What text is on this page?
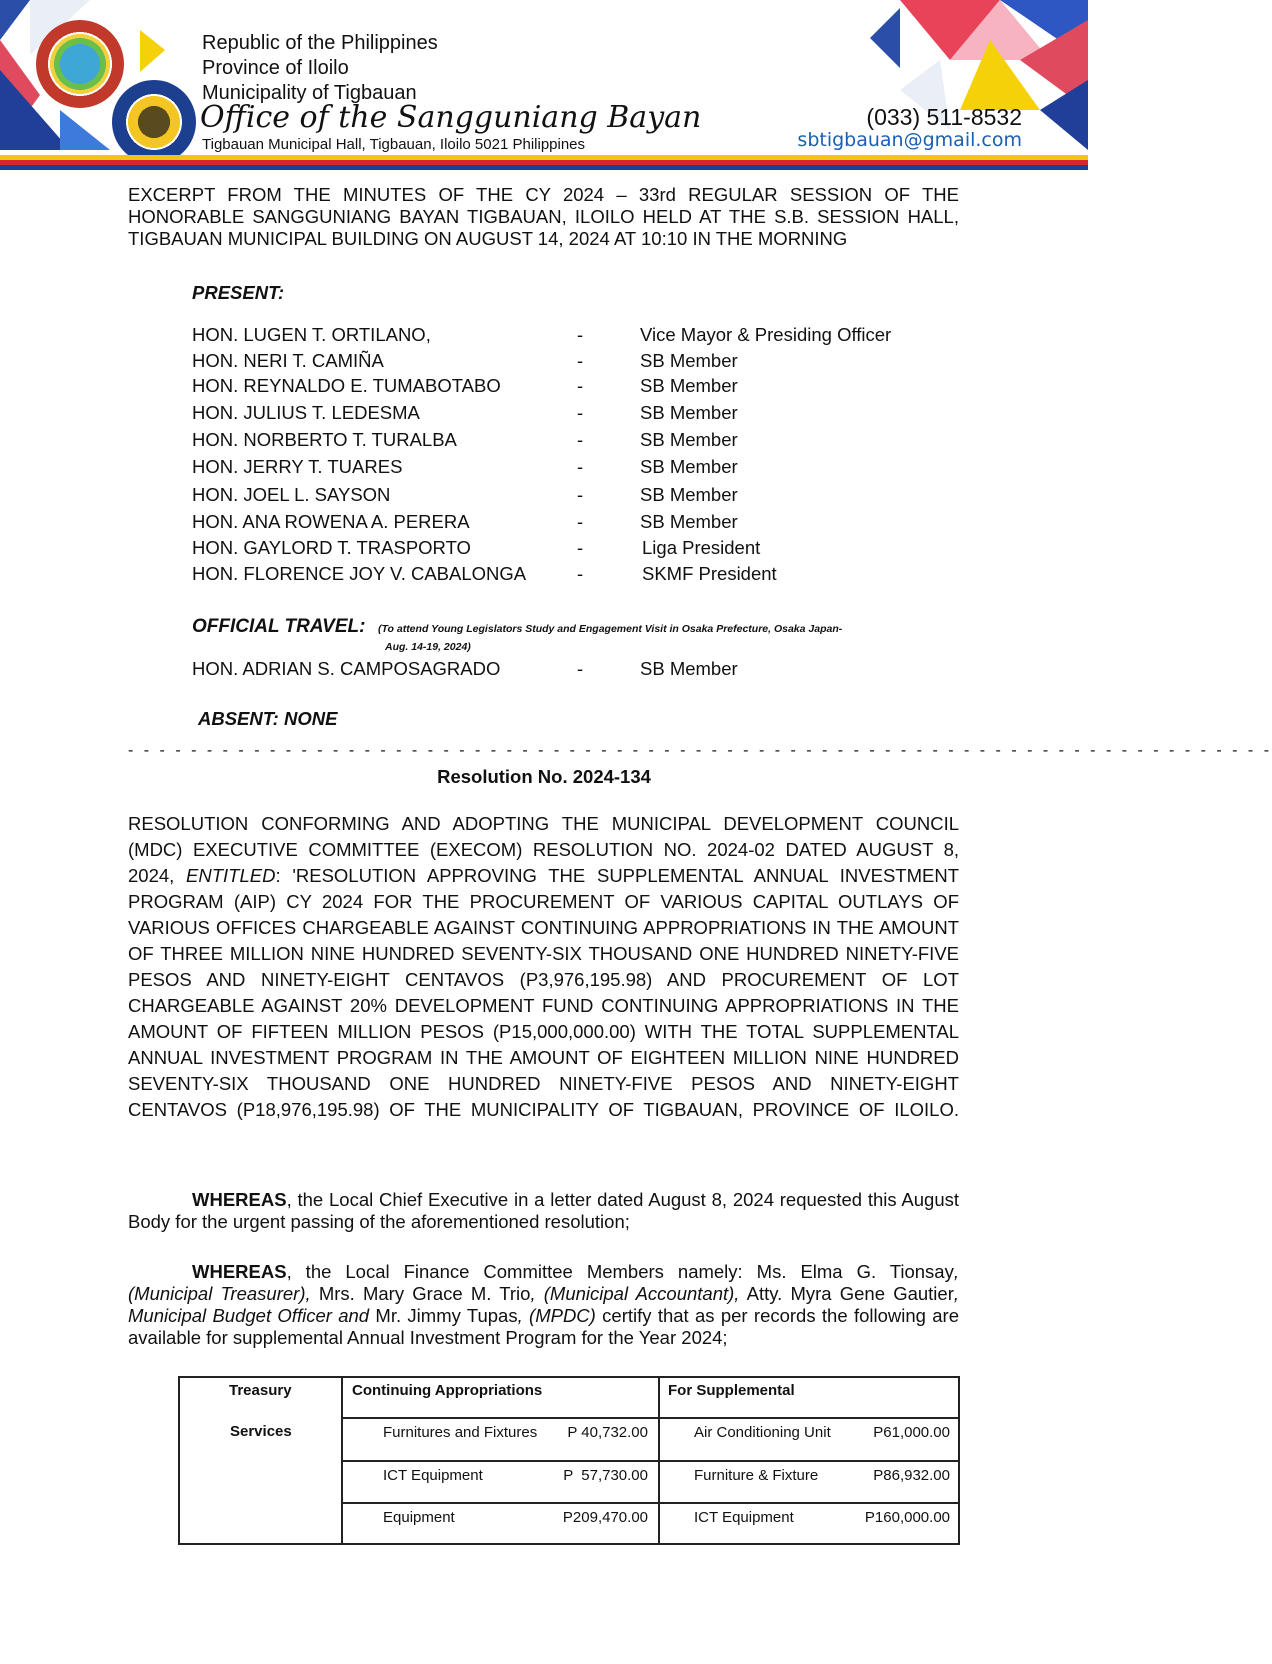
Republic of the Philippines
Province of Iloilo
Municipality of Tigbauan
Office of the Sangguniang Bayan
Tigbauan Municipal Hall, Tigbauan, Iloilo 5021 Philippines
(033) 511-8532
sbtigbauan@gmail.com
EXCERPT FROM THE MINUTES OF THE CY 2024 – 33rd REGULAR SESSION OF THE HONORABLE SANGGUNIANG BAYAN TIGBAUAN, ILOILO HELD AT THE S.B. SESSION HALL, TIGBAUAN MUNICIPAL BUILDING ON AUGUST 14, 2024 AT 10:10 IN THE MORNING
PRESENT:
HON. LUGEN T. ORTILANO,	-	Vice Mayor & Presiding Officer
HON. NERI T. CAMIÑA	-	SB Member
HON. REYNALDO E. TUMABOTABO	-	SB Member
HON. JULIUS T. LEDESMA	-	SB Member
HON. NORBERTO T. TURALBA	-	SB Member
HON. JERRY T. TUARES	-	SB Member
HON. JOEL L. SAYSON	-	SB Member
HON. ANA ROWENA A. PERERA	-	SB Member
HON. GAYLORD T. TRASPORTO	-	Liga President
HON. FLORENCE JOY V. CABALONGA	-	SKMF President
OFFICIAL TRAVEL: (To attend Young Legislators Study and Engagement Visit in Osaka Prefecture, Osaka Japan-
Aug. 14-19, 2024)
HON. ADRIAN S. CAMPOSAGRADO	-	SB Member
ABSENT: NONE
- - - - - - - - - - - - - - - - - - - - - - - - - - - - - - - - - - - - - - - - - - - - - - - - - - - - - - - - - - - - - - - - - - - - - - - - -
Resolution No. 2024-134
RESOLUTION CONFORMING AND ADOPTING THE MUNICIPAL DEVELOPMENT COUNCIL (MDC) EXECUTIVE COMMITTEE (EXECOM) RESOLUTION NO. 2024-02 DATED AUGUST 8, 2024, ENTITLED: 'RESOLUTION APPROVING THE SUPPLEMENTAL ANNUAL INVESTMENT PROGRAM (AIP) CY 2024 FOR THE PROCUREMENT OF VARIOUS CAPITAL OUTLAYS OF VARIOUS OFFICES CHARGEABLE AGAINST CONTINUING APPROPRIATIONS IN THE AMOUNT OF THREE MILLION NINE HUNDRED SEVENTY-SIX THOUSAND ONE HUNDRED NINETY-FIVE PESOS AND NINETY-EIGHT CENTAVOS (P3,976,195.98) AND PROCUREMENT OF LOT CHARGEABLE AGAINST 20% DEVELOPMENT FUND CONTINUING APPROPRIATIONS IN THE AMOUNT OF FIFTEEN MILLION PESOS (P15,000,000.00) WITH THE TOTAL SUPPLEMENTAL ANNUAL INVESTMENT PROGRAM IN THE AMOUNT OF EIGHTEEN MILLION NINE HUNDRED SEVENTY-SIX THOUSAND ONE HUNDRED NINETY-FIVE PESOS AND NINETY-EIGHT CENTAVOS (P18,976,195.98) OF THE MUNICIPALITY OF TIGBAUAN, PROVINCE OF ILOILO.
WHEREAS, the Local Chief Executive in a letter dated August 8, 2024 requested this August Body for the urgent passing of the aforementioned resolution;
WHEREAS, the Local Finance Committee Members namely: Ms. Elma G. Tionsay, (Municipal Treasurer), Mrs. Mary Grace M. Trio, (Municipal Accountant), Atty. Myra Gene Gautier, Municipal Budget Officer and Mr. Jimmy Tupas, (MPDC) certify that as per records the following are available for supplemental Annual Investment Program for the Year 2024;
Treasury
Services
Continuing Appropriations	For Supplemental
Furnitures and Fixtures P 40,732.00	Air Conditioning Unit	P61,000.00
ICT Equipment	P  57,730.00	Furniture & Fixture	P86,932.00
Equipment	P209,470.00	ICT Equipment	P160,000.00
